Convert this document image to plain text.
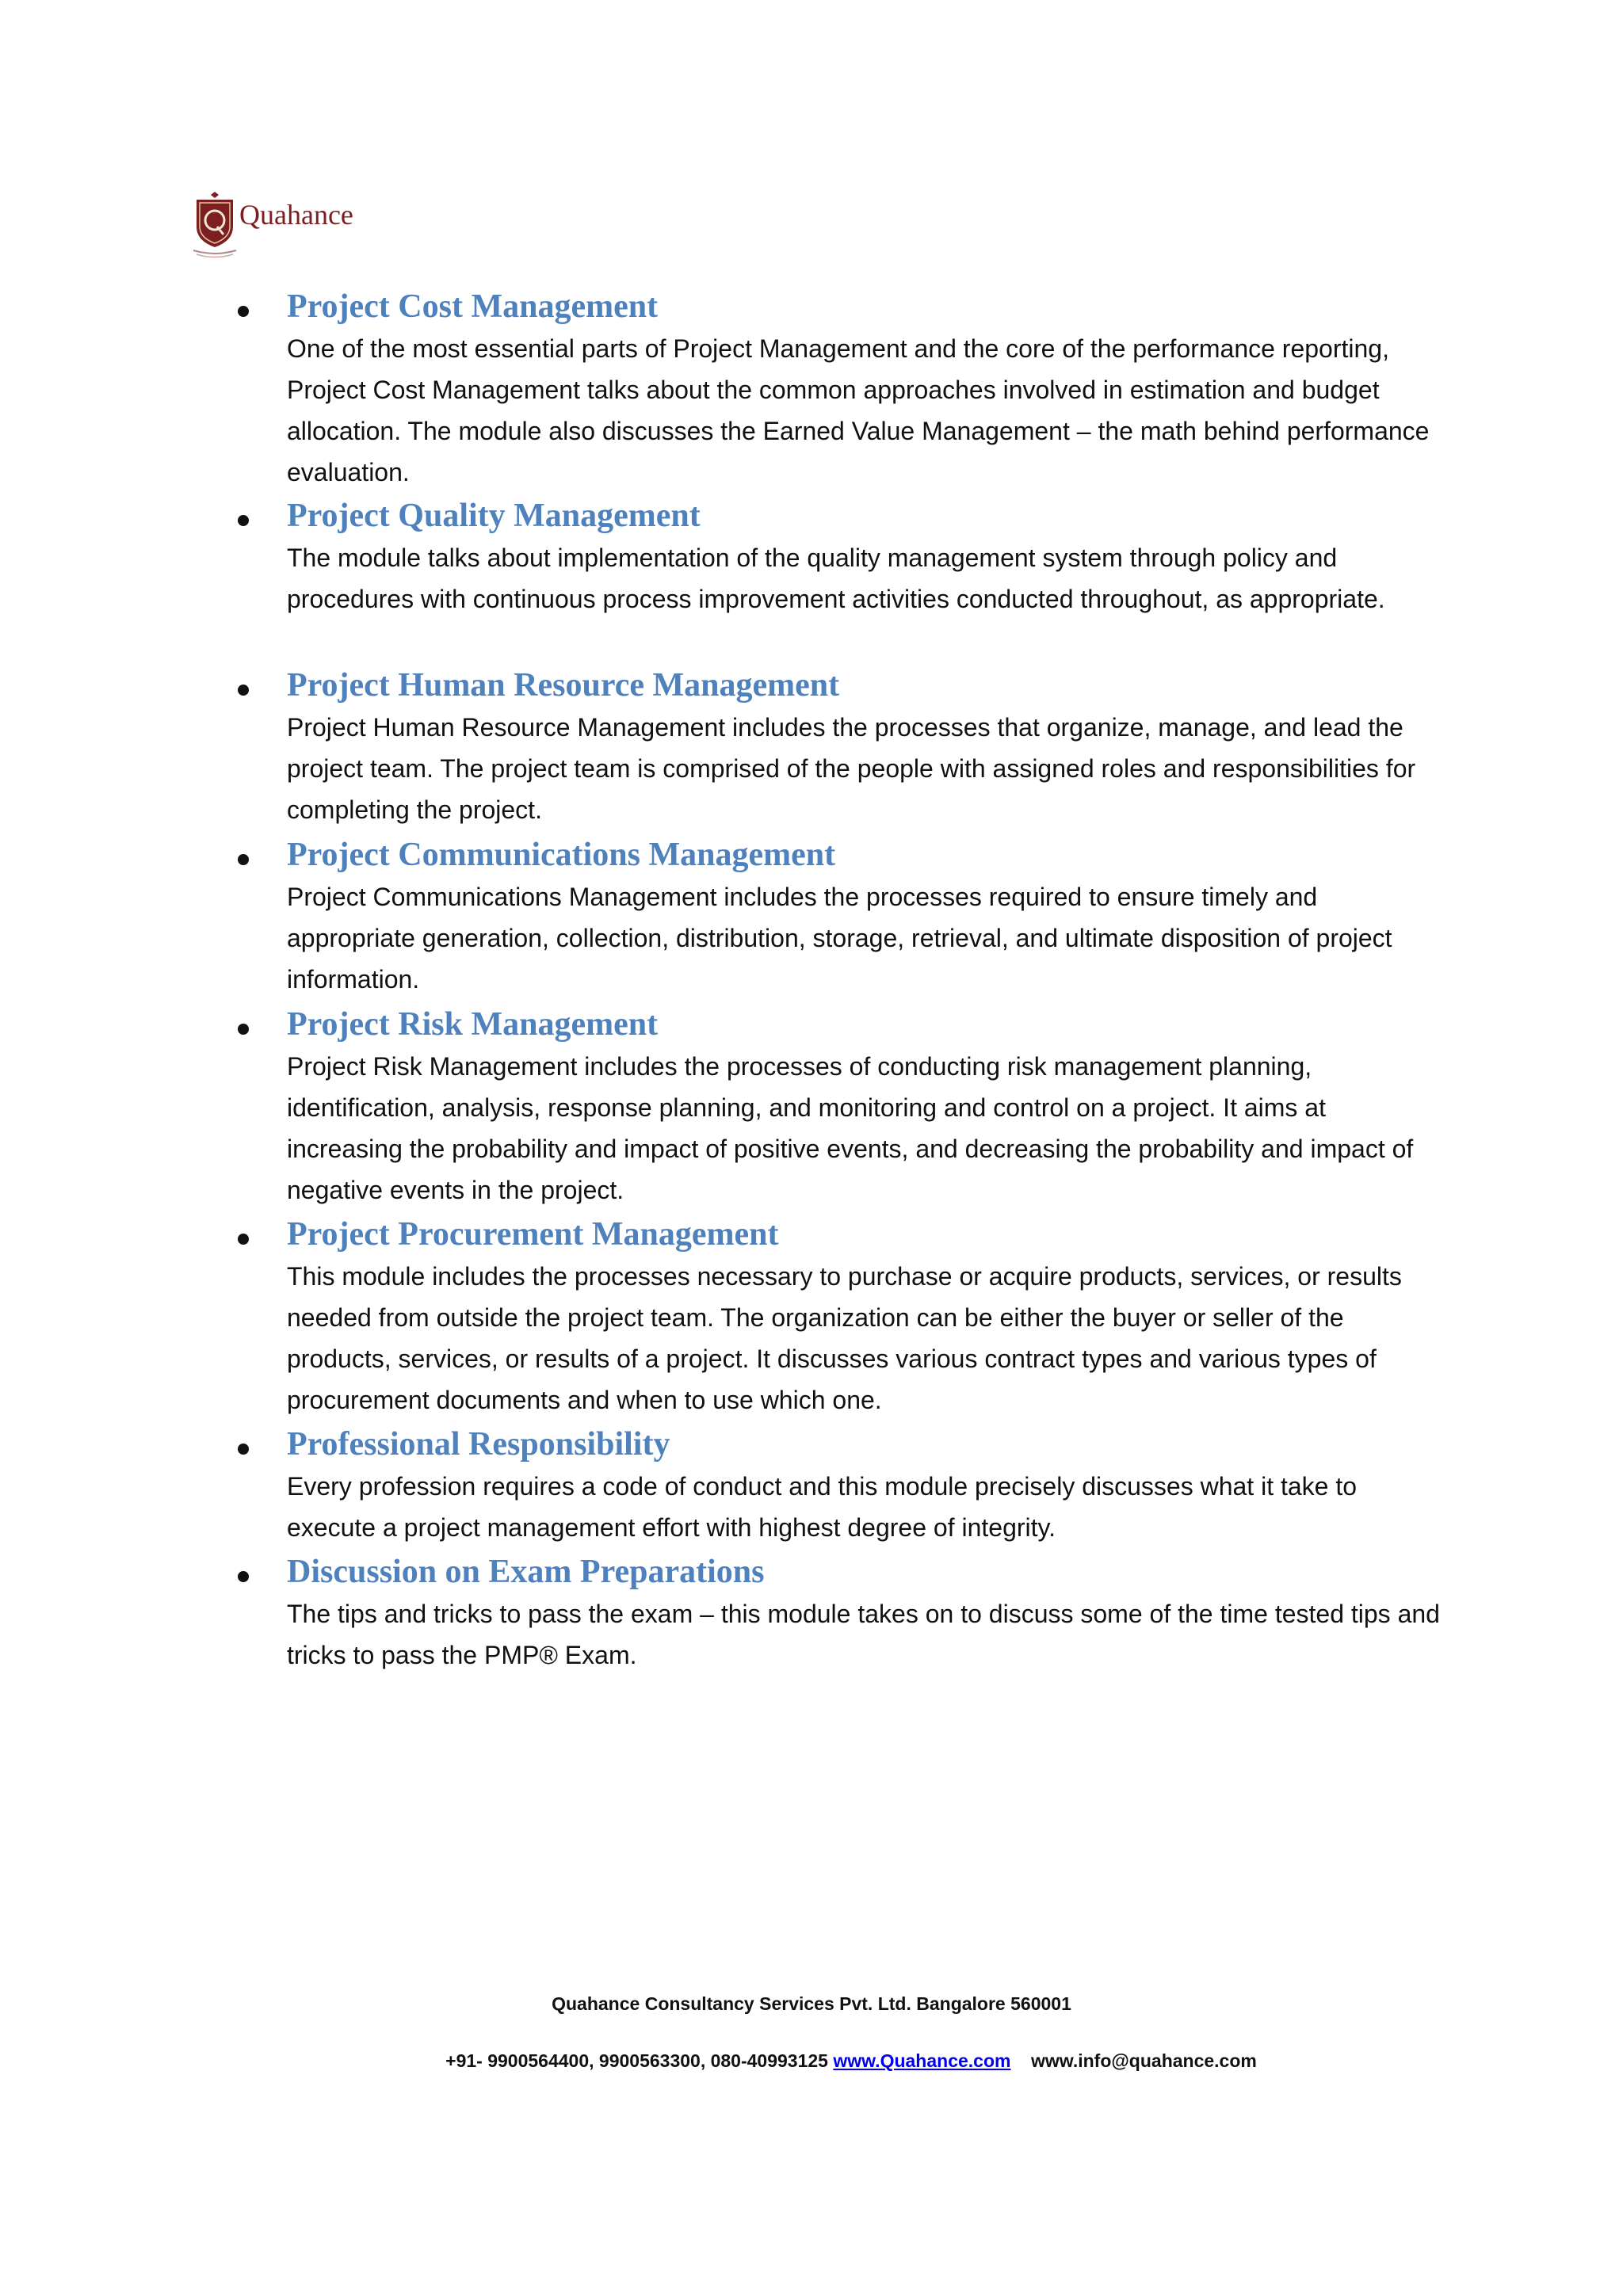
Quahance
Project Cost Management

One of the most essential parts of Project Management and the core of the performance reporting, Project Cost Management talks about the common approaches involved in estimation and budget allocation. The module also discusses the Earned Value Management – the math behind performance evaluation.

Project Quality Management

The module talks about implementation of the quality management system through policy and procedures with continuous process improvement activities conducted throughout, as appropriate.

Project Human Resource Management

Project Human Resource Management includes the processes that organize, manage, and lead the project team. The project team is comprised of the people with assigned roles and responsibilities for completing the project.

Project Communications Management

Project Communications Management includes the processes required to ensure timely and appropriate generation, collection, distribution, storage, retrieval, and ultimate disposition of project information.

Project Risk Management

Project Risk Management includes the processes of conducting risk management planning, identification, analysis, response planning, and monitoring and control on a project. It aims at increasing the probability and impact of positive events, and decreasing the probability and impact of negative events in the project.

Project Procurement Management

This module includes the processes necessary to purchase or acquire products, services, or results needed from outside the project team. The organization can be either the buyer or seller of the products, services, or results of a project. It discusses various contract types and various types of procurement documents and when to use which one.

Professional Responsibility

Every profession requires a code of conduct and this module precisely discusses what it take to execute a project management effort with highest degree of integrity.

Discussion on Exam Preparations

The tips and tricks to pass the exam – this module takes on to discuss some of the time tested tips and tricks to pass the PMP® Exam.

Quahance Consultancy Services Pvt. Ltd. Bangalore 560001
+91- 9900564400, 9900563300, 080-40993125 www.Quahance.com www.info@quahance.com
